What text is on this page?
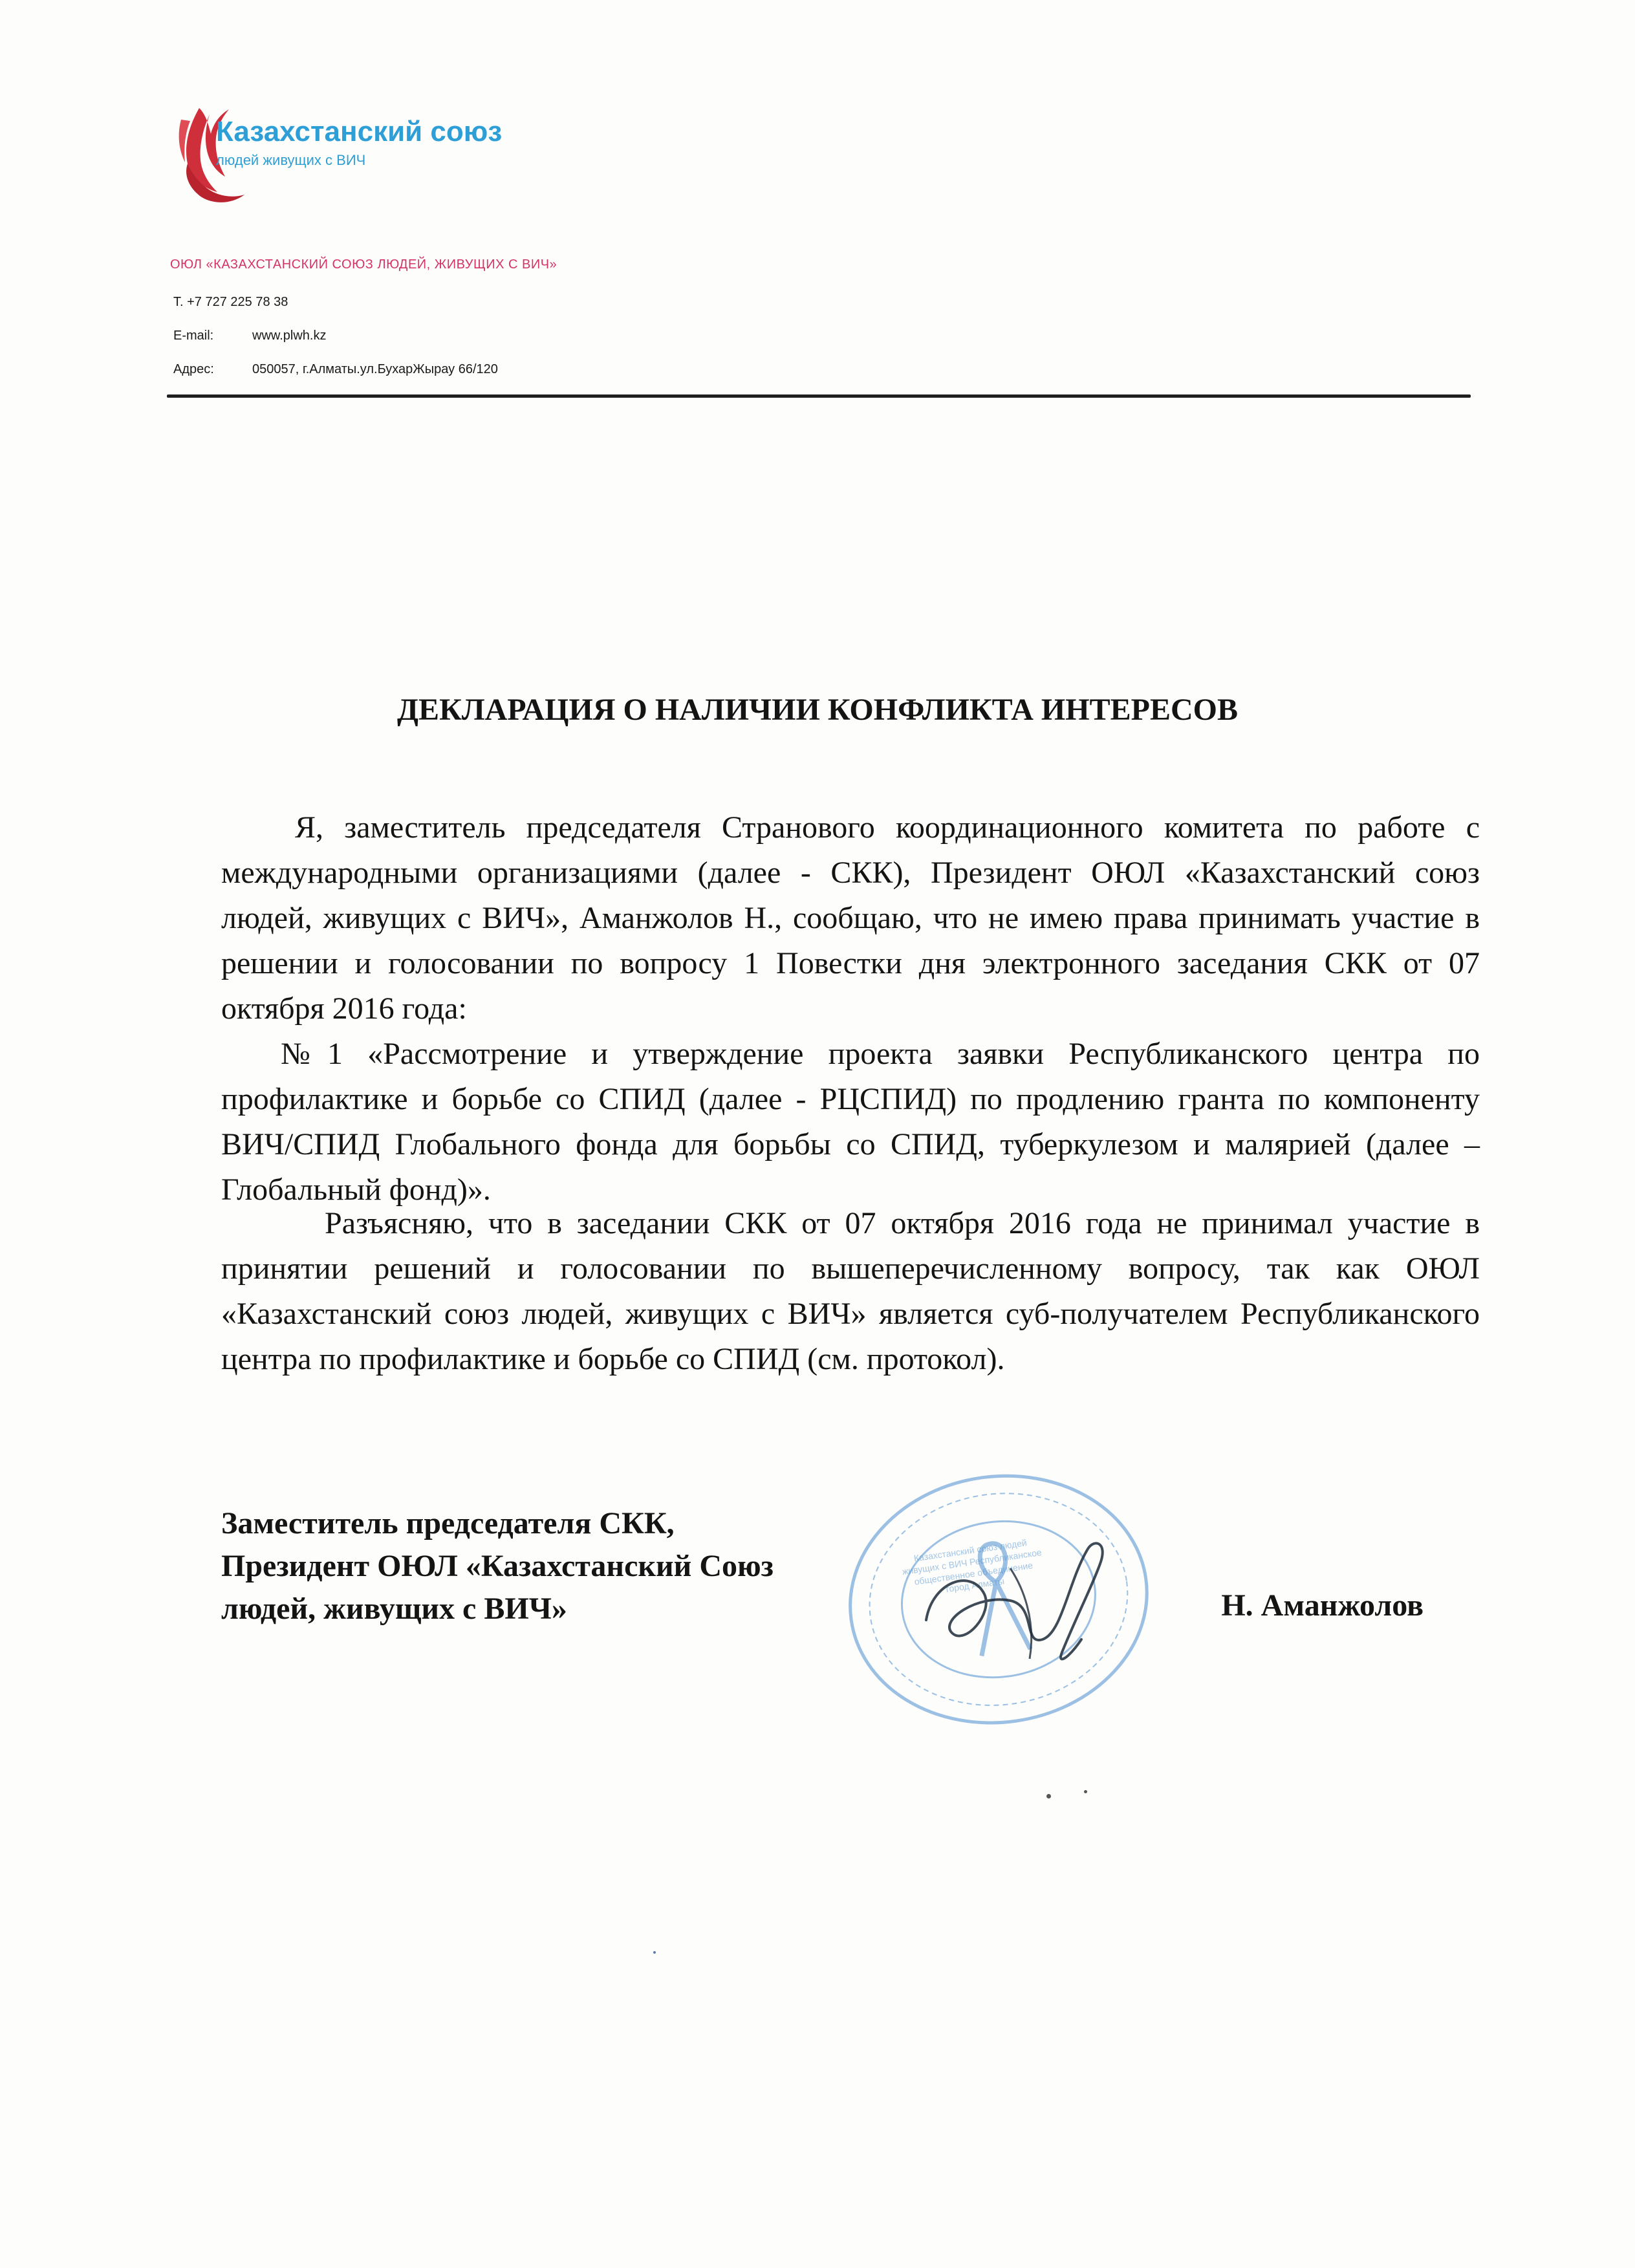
Казахстанский союз
людей живущих с ВИЧ
ОЮЛ «КАЗАХСТАНСКИЙ СОЮЗ ЛЮДЕЙ, ЖИВУЩИХ С ВИЧ»
Т. +7 727 225 78 38
E-mail:	www.plwh.kz
Адрес:	050057, г.Алматы.ул.БухарЖырау 66/120
ДЕКЛАРАЦИЯ О НАЛИЧИИ КОНФЛИКТА ИНТЕРЕСОВ

Я, заместитель председателя Странового координационного комитета по работе с международными организациями (далее - СКК), Президент ОЮЛ «Казахстанский союз людей, живущих с ВИЧ», Аманжолов Н., сообщаю, что не имею права принимать участие в решении и голосовании по вопросу 1 Повестки дня электронного заседания СКК от 07 октября 2016 года:

№1 «Рассмотрение и утверждение проекта заявки Республиканского центра по профилактике и борьбе со СПИД (далее - РЦСПИД) по продлению гранта по компоненту ВИЧ/СПИД Глобального фонда для борьбы со СПИД, туберкулезом и малярией (далее – Глобальный фонд)».

Разъясняю, что в заседании СКК от 07 октября 2016 года не принимал участие в принятии решений и голосовании по вышеперечисленному вопросу, так как ОЮЛ «Казахстанский союз людей, живущих с ВИЧ» является суб-получателем Республиканского центра по профилактике и борьбе со СПИД (см. протокол).

Заместитель председателя СКК,
Президент ОЮЛ «Казахстанский Союз
людей, живущих с ВИЧ»	Н. Аманжолов
Казахстанский союз людей живущих с ВИЧ Республиканское общественное объединение город Алматы
